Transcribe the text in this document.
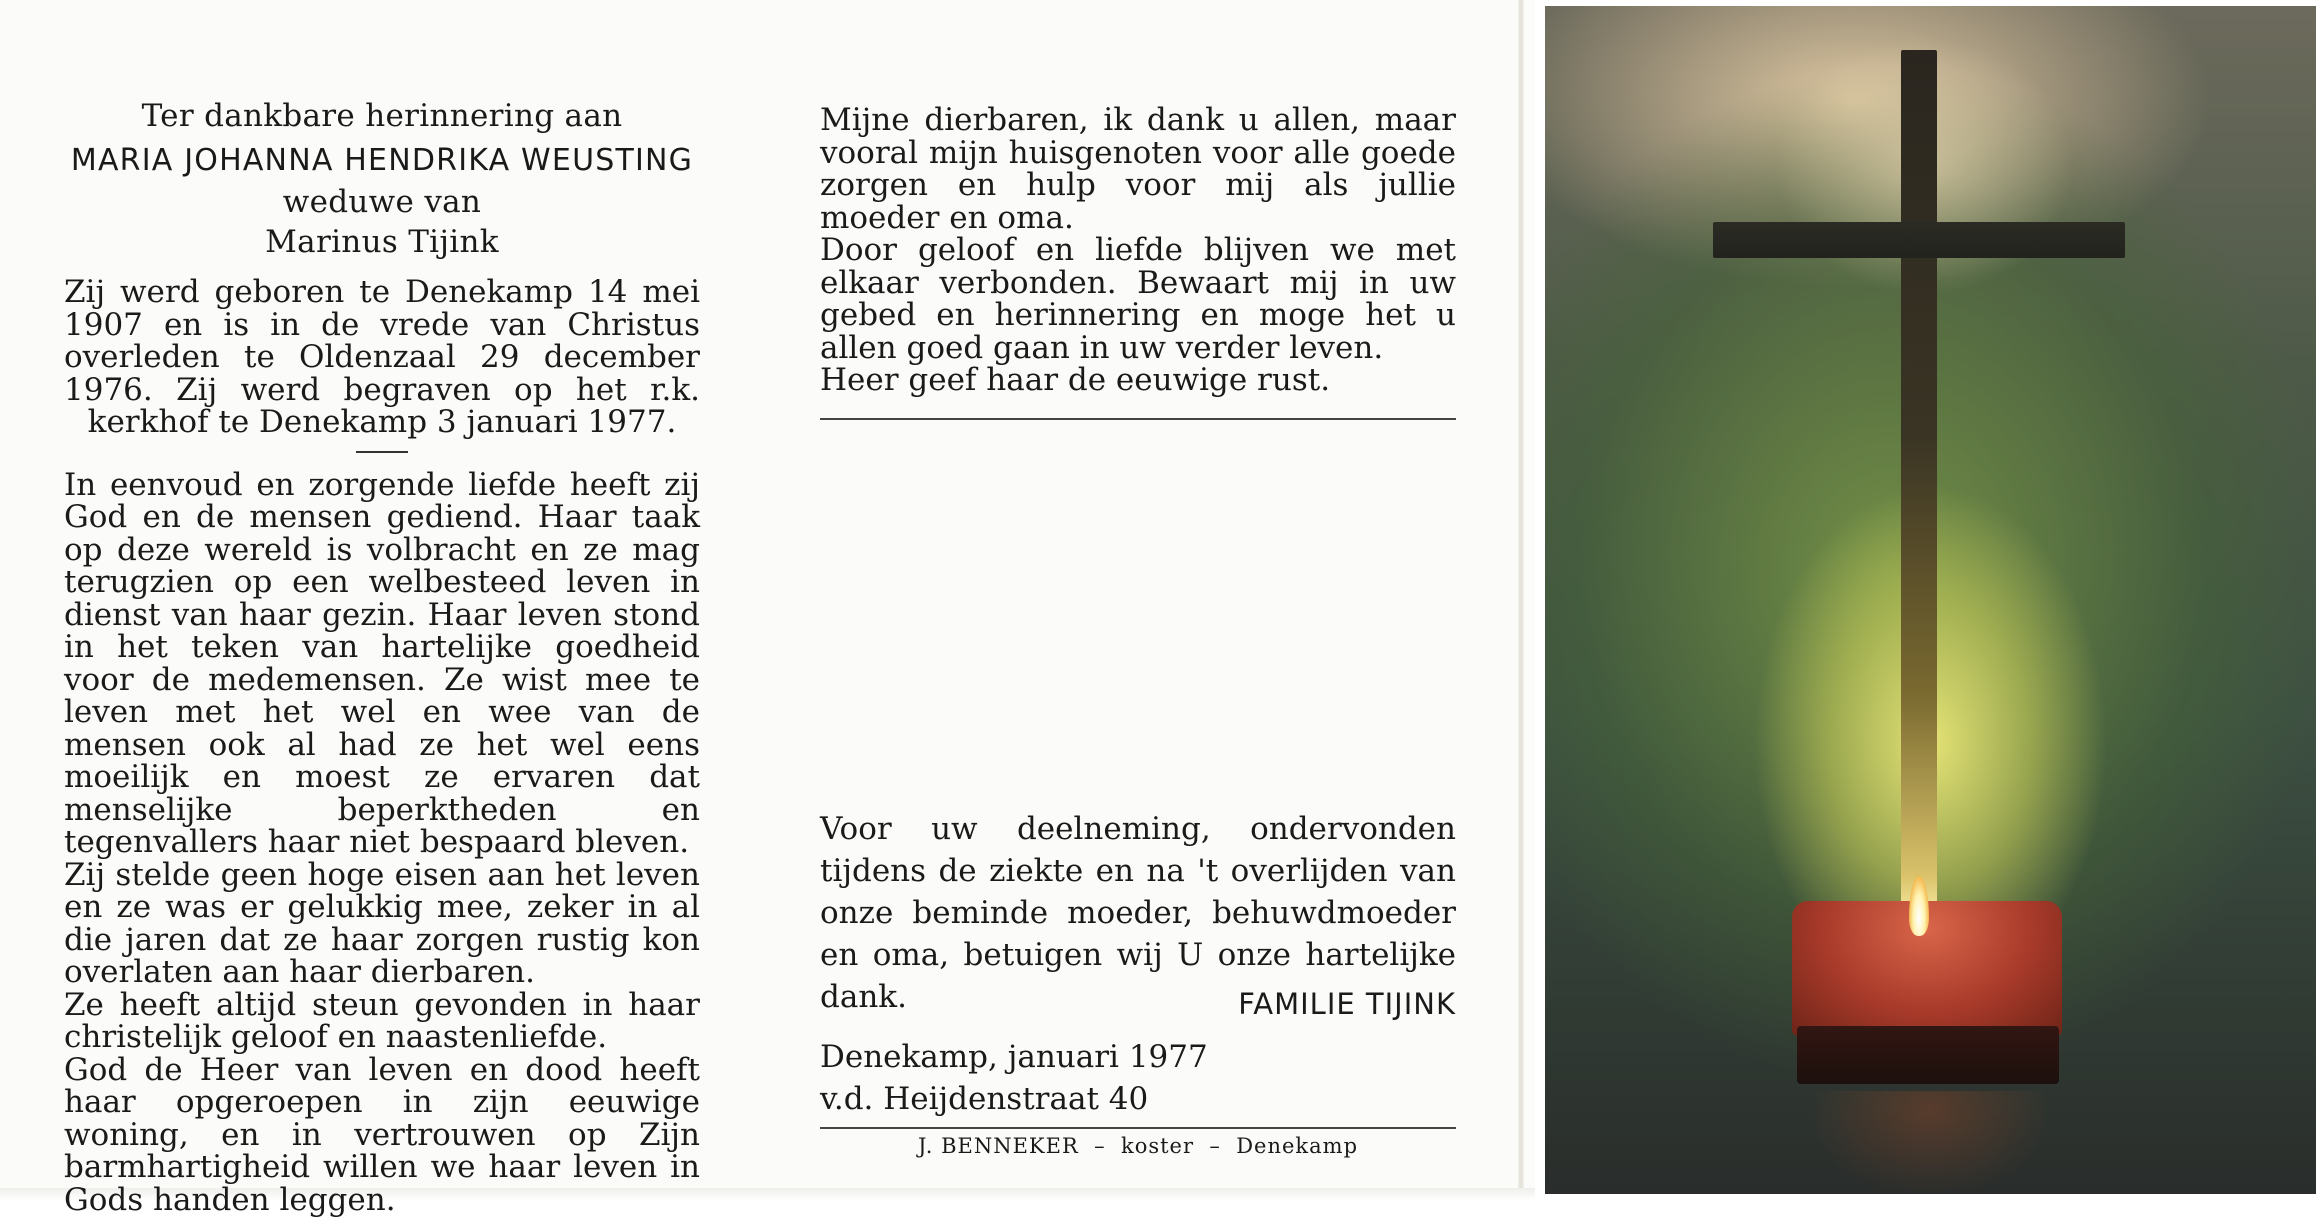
Ter dankbare herinnering aan
MARIA JOHANNA HENDRIKA WEUSTING
weduwe van
Marinus Tijink

Zij werd geboren te Denekamp 14 mei 1907 en is in de vrede van Christus overleden te Oldenzaal 29 december 1976. Zij werd begraven op het r.k. kerkhof te Denekamp 3 januari 1977.

In eenvoud en zorgende liefde heeft zij God en de mensen gediend. Haar taak op deze wereld is volbracht en ze mag terugzien op een welbesteed leven in dienst van haar gezin. Haar leven stond in het teken van hartelijke goedheid voor de medemensen. Ze wist mee te leven met het wel en wee van de mensen ook al had ze het wel eens moeilijk en moest ze ervaren dat menselijke beperktheden en tegenvallers haar niet bespaard bleven.

Zij stelde geen hoge eisen aan het leven en ze was er gelukkig mee, zeker in al die jaren dat ze haar zorgen rustig kon overlaten aan haar dierbaren.

Ze heeft altijd steun gevonden in haar christelijk geloof en naastenliefde.

God de Heer van leven en dood heeft haar opgeroepen in zijn eeuwige woning, en in vertrouwen op Zijn barmhartigheid willen we haar leven in Gods handen leggen.

Mijne dierbaren, ik dank u allen, maar vooral mijn huisgenoten voor alle goede zorgen en hulp voor mij als jullie moeder en oma.

Door geloof en liefde blijven we met elkaar verbonden. Bewaart mij in uw gebed en herinnering en moge het u allen goed gaan in uw verder leven.

Heer geef haar de eeuwige rust.

Voor uw deelneming, ondervonden tijdens de ziekte en na 't overlijden van onze beminde moeder, behuwdmoeder en oma, betuigen wij U onze hartelijke dank.	FAMILIE TIJINK
Denekamp, januari 1977
v.d. Heijdenstraat 40
J. BENNEKER  –  koster  –  Denekamp
